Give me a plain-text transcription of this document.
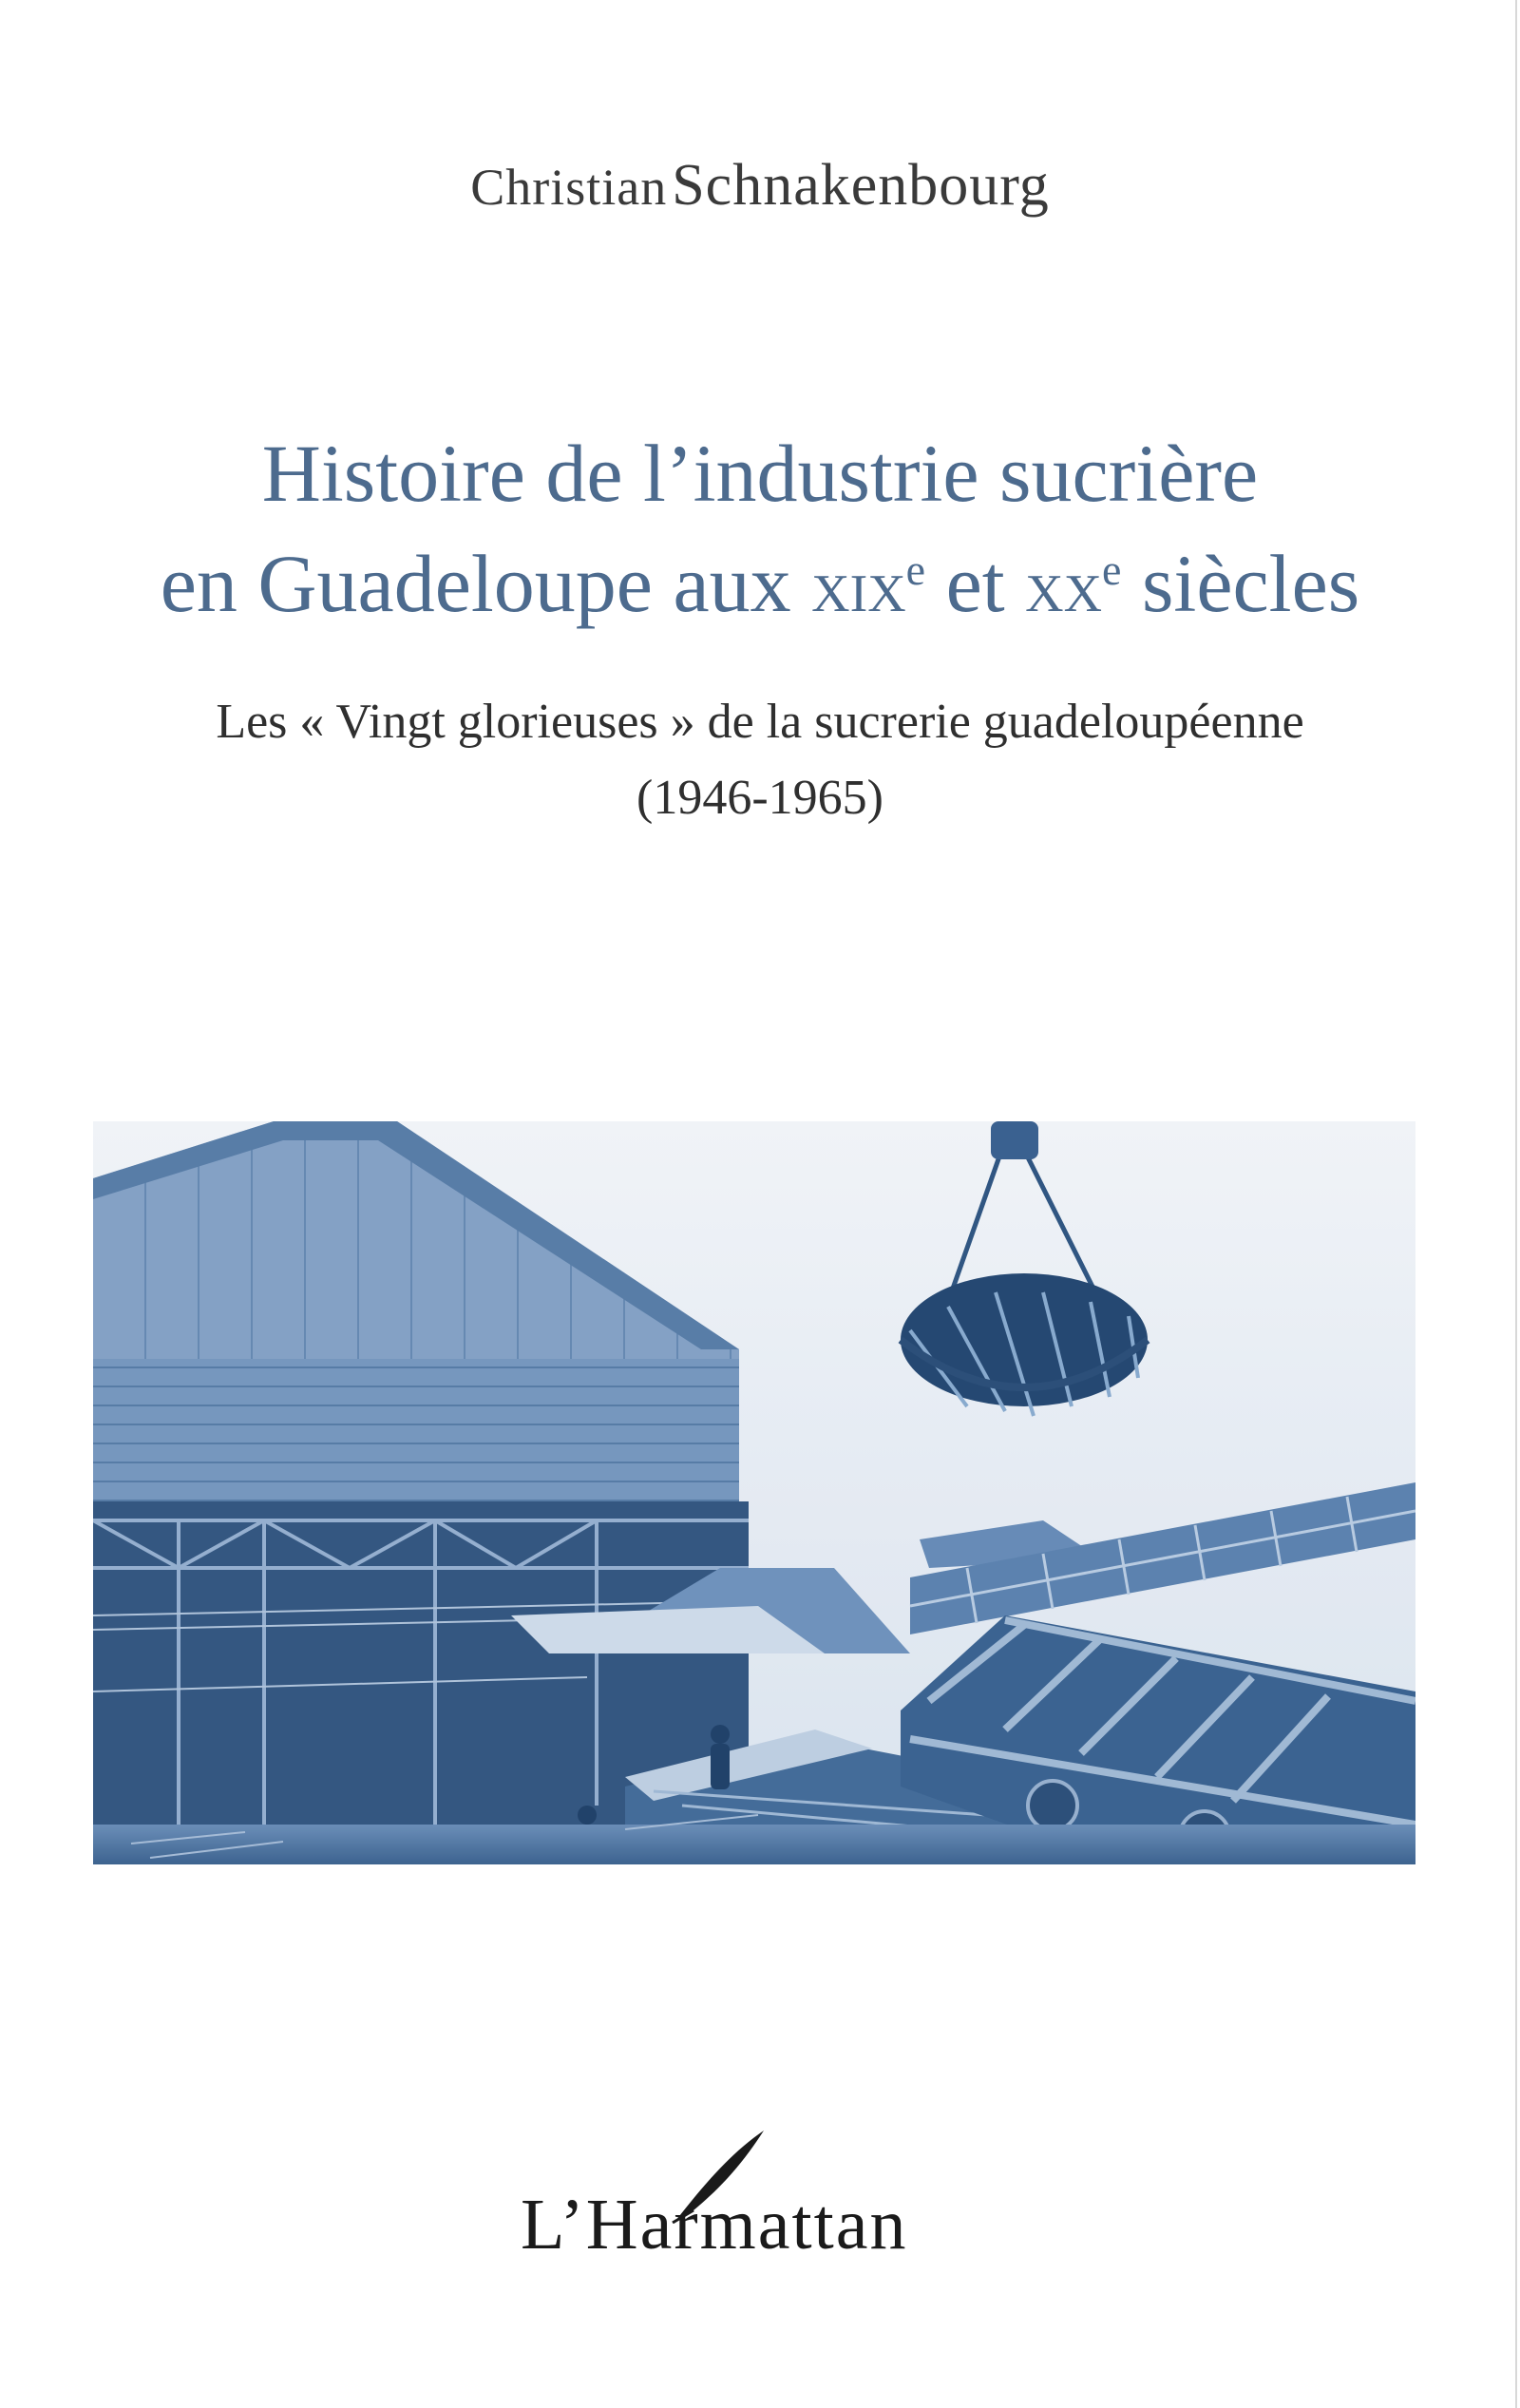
Christian Schnakenbourg
Histoire de l’industrie sucrière
en Guadeloupe aux xix$^e$ et $xx^e$ siècles
Les « Vingt glorieuses » de la sucrerie guadeloupéenne
(1946-1965)
L’Harmattan
